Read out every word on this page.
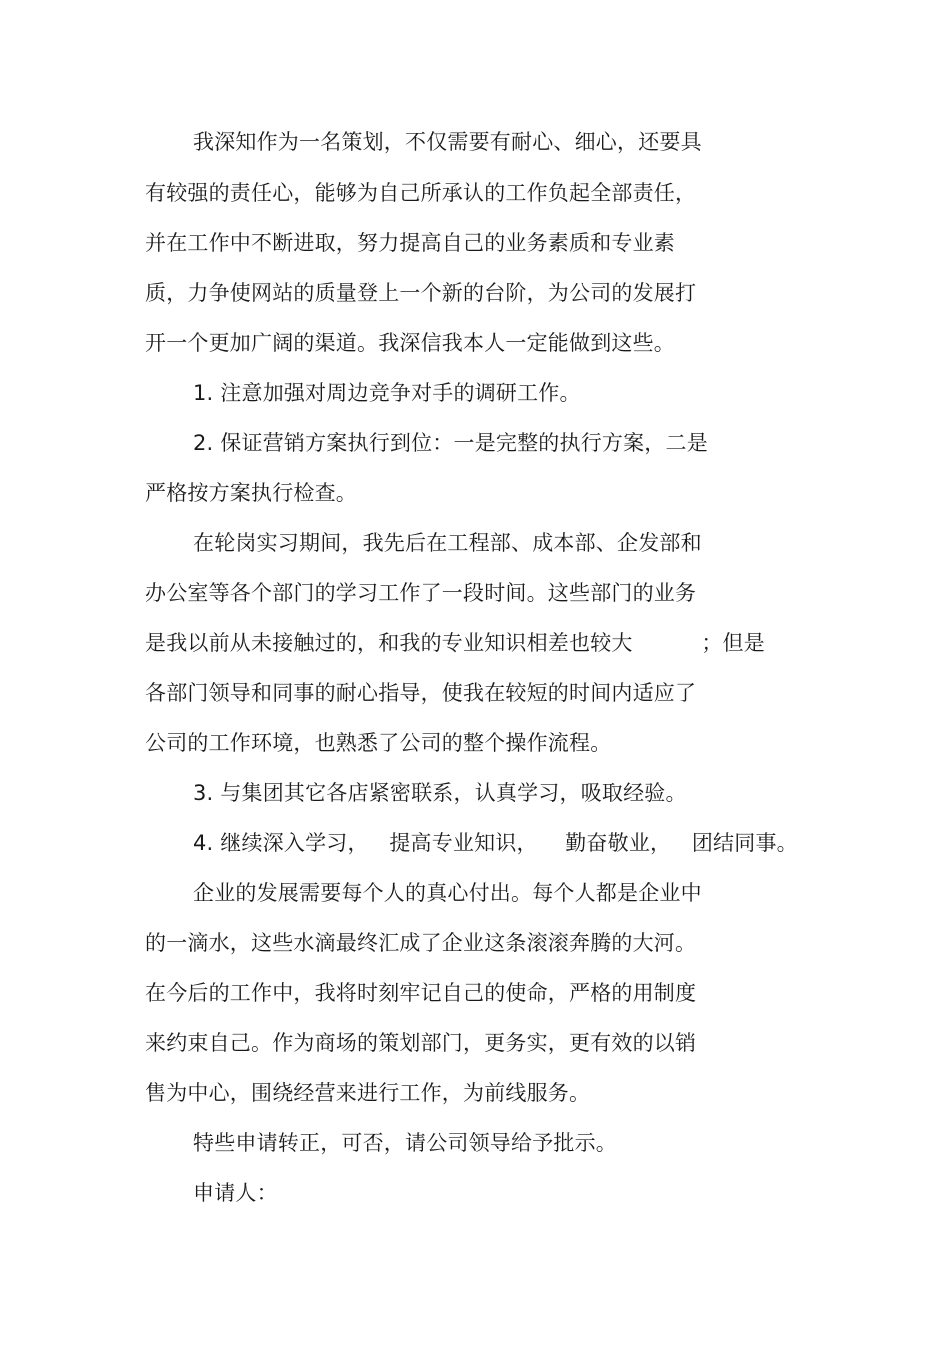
我深知作为一名策划，不仅需要有耐心、细心，还要具
有较强的责任心，能够为自己所承认的工作负起全部责任，
并在工作中不断进取，努力提高自己的业务素质和专业素
质，力争使网站的质量登上一个新的台阶，为公司的发展打
开一个更加广阔的渠道。我深信我本人一定能做到这些。
1. 注意加强对周边竞争对手的调研工作。
2. 保证营销方案执行到位：一是完整的执行方案，二是
严格按方案执行检查。
在轮岗实习期间，我先后在工程部、成本部、企发部和
办公室等各个部门的学习工作了一段时间。这些部门的业务
是我以前从未接触过的，和我的专业知识相差也较大          ；但是
各部门领导和同事的耐心指导，使我在较短的时间内适应了
公司的工作环境，也熟悉了公司的整个操作流程。
3. 与集团其它各店紧密联系，认真学习，吸取经验。
4. 继续深入学习，   提高专业知识，    勤奋敬业，   团结同事。
企业的发展需要每个人的真心付出。每个人都是企业中
的一滴水，这些水滴最终汇成了企业这条滚滚奔腾的大河。
在今后的工作中，我将时刻牢记自己的使命，严格的用制度
来约束自己。作为商场的策划部门，更务实，更有效的以销
售为中心，围绕经营来进行工作，为前线服务。
特些申请转正，可否，请公司领导给予批示。
申请人：
